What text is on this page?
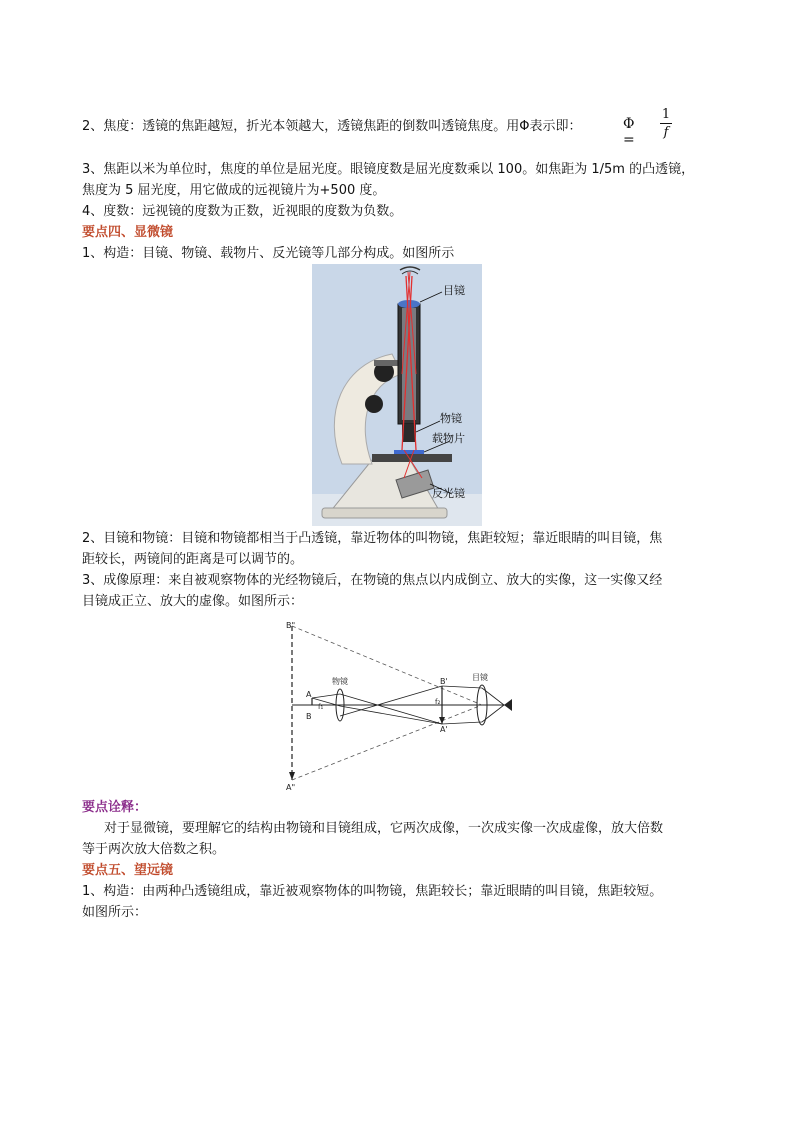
2、焦度：透镜的焦距越短，折光本领越大，透镜焦距的倒数叫透镜焦度。用Φ表示即：	Φ =
1
f
3、焦距以米为单位时，焦度的单位是屈光度。眼镜度数是屈光度数乘以 100。如焦距为 1/5m 的凸透镜，
焦度为 5 屈光度，用它做成的远视镜片为+500 度。
4、度数：远视镜的度数为正数，近视眼的度数为负数。
要点四、显微镜
1、构造：目镜、物镜、载物片、反光镜等几部分构成。如图所示
目镜
物镜
载物片
反光镜
2、目镜和物镜：目镜和物镜都相当于凸透镜，靠近物体的叫物镜，焦距较短；靠近眼睛的叫目镜，焦
距较长，两镜间的距离是可以调节的。
3、成像原理：来自被观察物体的光经物镜后，在物镜的焦点以内成倒立、放大的实像，这一实像又经
目镜成正立、放大的虚像。如图所示：
B"
A"
A
B
f₁
物镜	B'
f₂
A'
目镜
要点诠释：
对于显微镜，要理解它的结构由物镜和目镜组成，它两次成像，一次成实像一次成虚像，放大倍数
等于两次放大倍数之积。
要点五、望远镜
1、构造：由两种凸透镜组成，靠近被观察物体的叫物镜，焦距较长；靠近眼睛的叫目镜，焦距较短。
如图所示：
